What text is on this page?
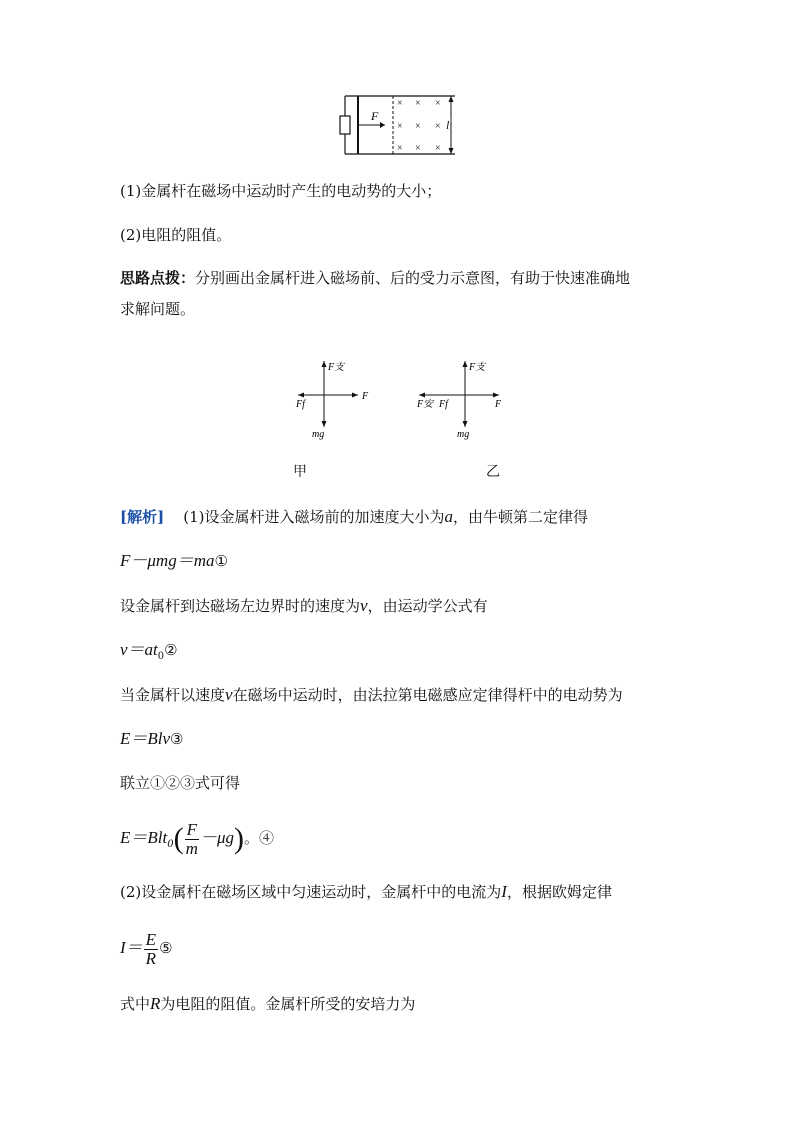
× × ×
× × ×
× × ×
F
l
(1)金属杆在磁场中运动时产生的电动势的大小；
(2)电阻的阻值。
思路点拨：分别画出金属杆进入磁场前、后的受力示意图，有助于快速准确地
求解问题。
F支
Ff
F
mg
甲
F支
F安 Ff	F
mg
乙
[解析] (1)设金属杆进入磁场前的加速度大小为a，由牛顿第二定律得
F－μmg＝ma①
设金属杆到达磁场左边界时的速度为v，由运动学公式有
$v=at_0②$
当金属杆以速度v在磁场中运动时，由法拉第电磁感应定律得杆中的电动势为
E＝Blv③
联立①②③式可得
$E=Blt_0( \frac{F}{m} -\mu g)$。④
(2)设金属杆在磁场区域中匀速运动时，金属杆中的电流为I，根据欧姆定律
$I= \frac{E}{R}$ ⑤
式中R为电阻的阻值。金属杆所受的安培力为
